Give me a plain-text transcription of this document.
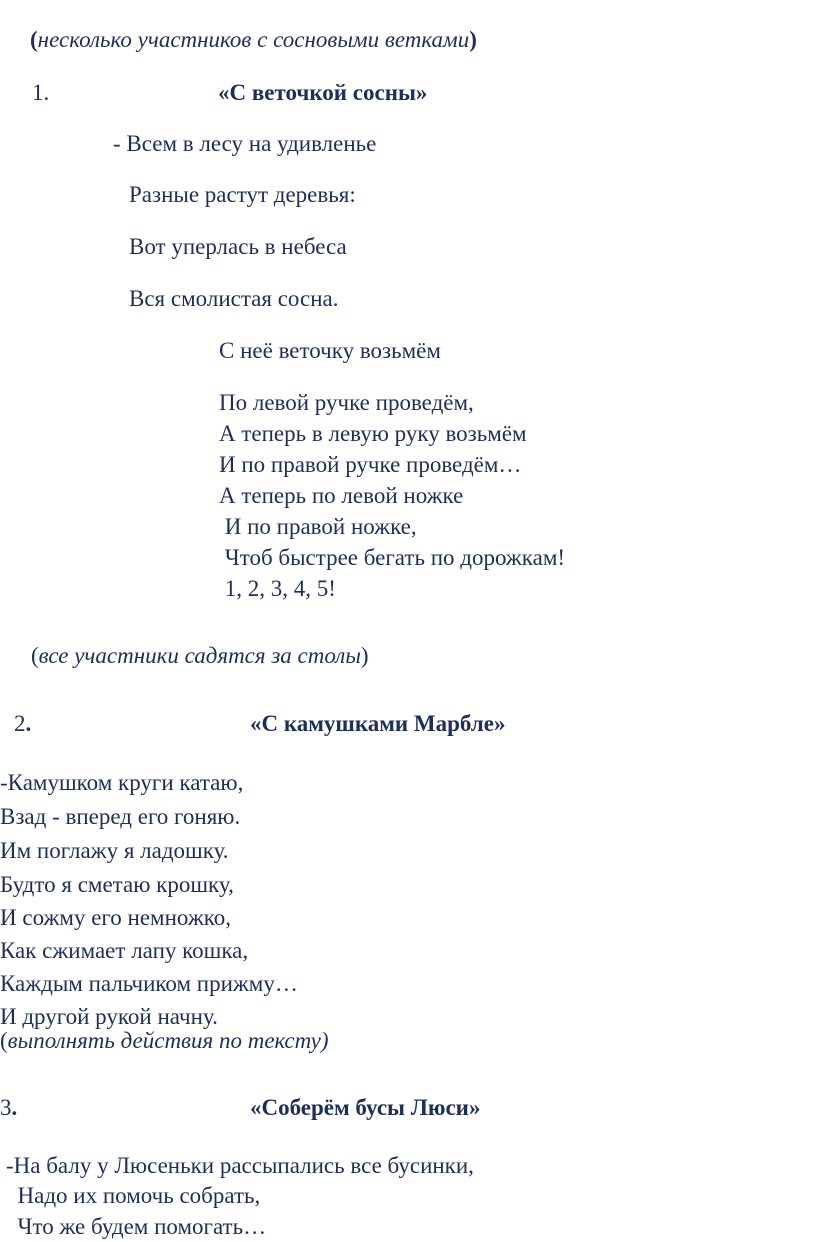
(несколько участников с сосновыми ветками)
1.	«С веточкой сосны»
- Всем в лесу на удивленье
Разные растут деревья:
Вот уперлась в небеса
Вся смолистая сосна.
С неё веточку возьмём
По левой ручке проведём,
А теперь в левую руку возьмём
И по правой ручке проведём…
А теперь по левой ножке
И по правой ножке,
Чтоб быстрее бегать по дорожкам!
1, 2, 3, 4, 5!
(все участники садятся за столы)
2.	«С камушками Марбле»
-Камушком круги катаю,
Взад - вперед его гоняю.
Им поглажу я ладошку.
Будто я сметаю крошку,
И сожму его немножко,
Как сжимает лапу кошка,
Каждым пальчиком прижму…
И другой рукой начну.
(выполнять действия по тексту)
3.	«Соберём бусы Люси»
-На балу у Люсеньки рассыпались все бусинки,
Надо их помочь собрать,
Что же будем помогать…
